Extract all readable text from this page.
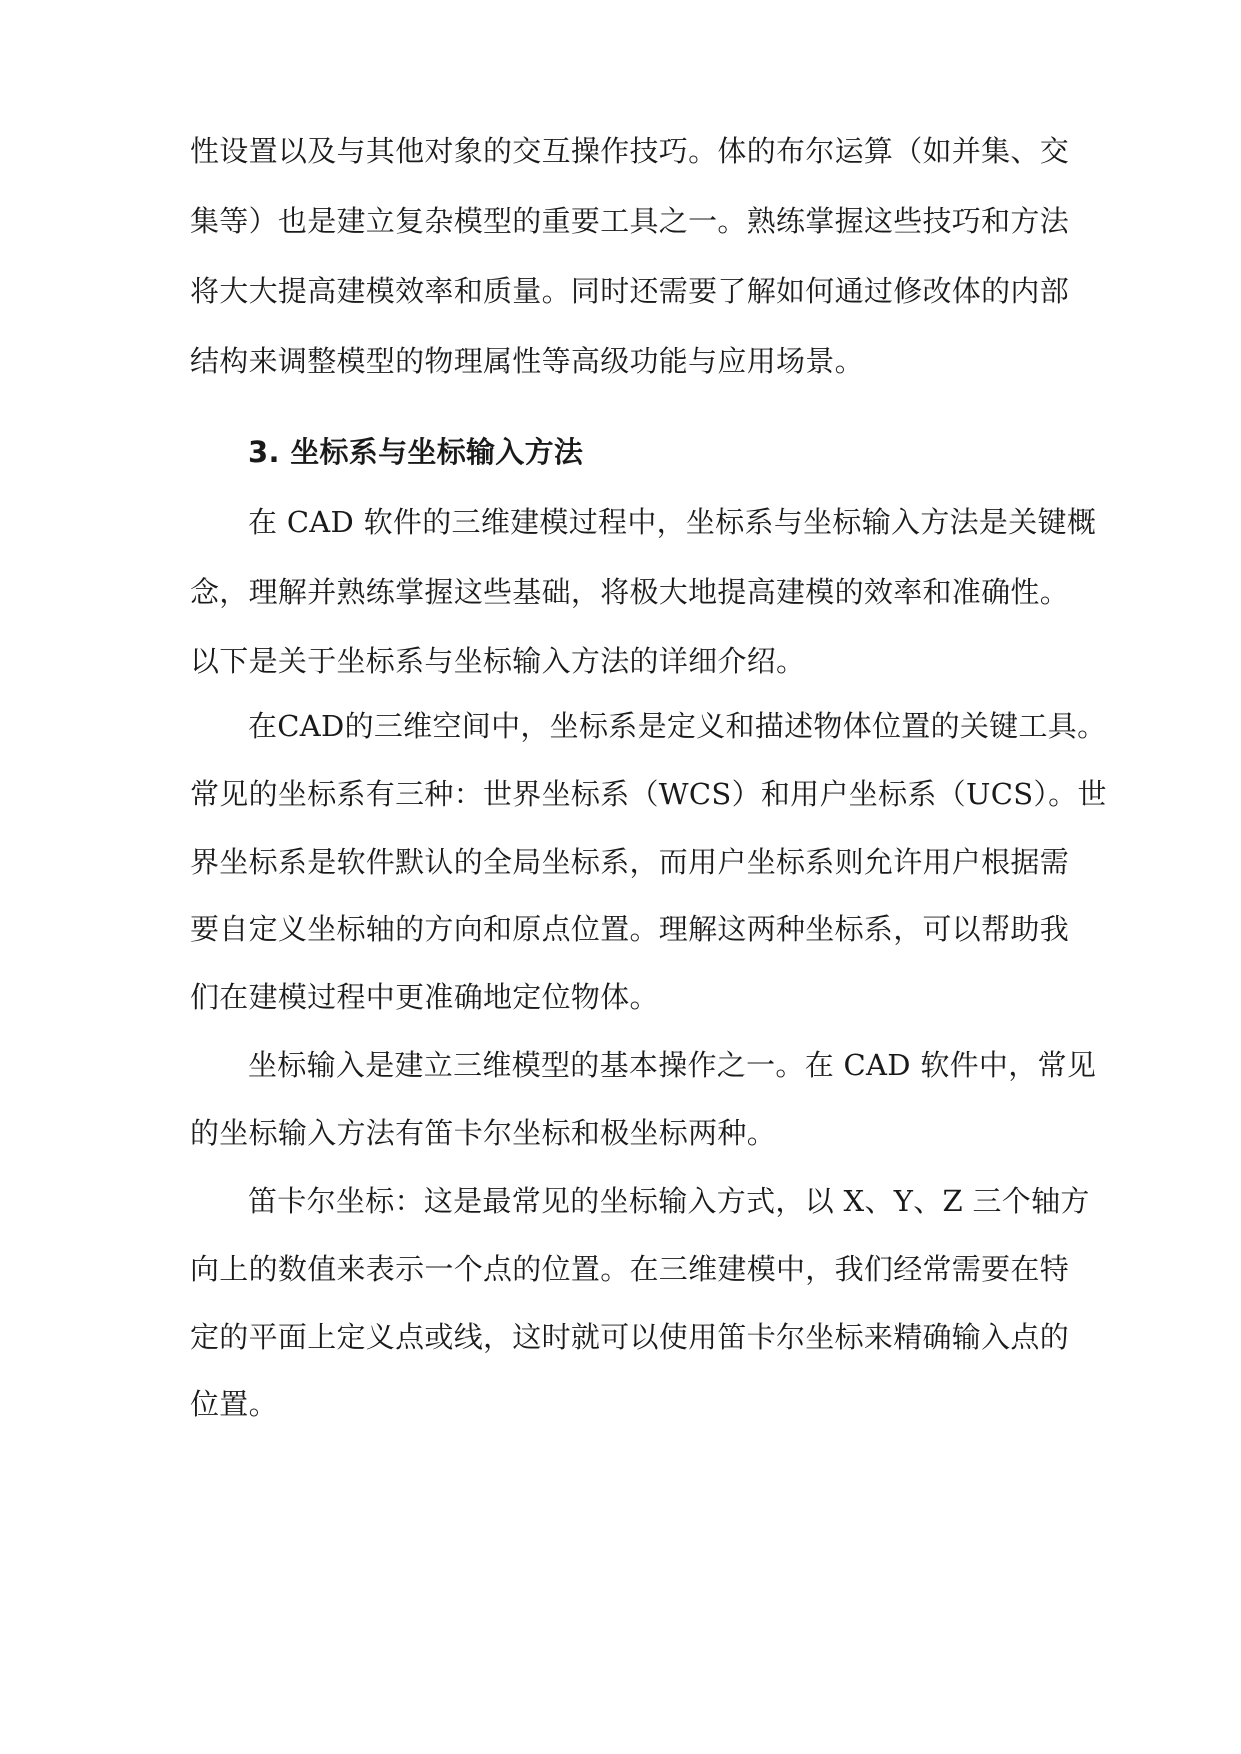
性设置以及与其他对象的交互操作技巧。体的布尔运算（如并集、交
集等）也是建立复杂模型的重要工具之一。熟练掌握这些技巧和方法
将大大提高建模效率和质量。同时还需要了解如何通过修改体的内部
结构来调整模型的物理属性等高级功能与应用场景。
3. 坐标系与坐标输入方法
在 CAD 软件的三维建模过程中，坐标系与坐标输入方法是关键概
念，理解并熟练掌握这些基础，将极大地提高建模的效率和准确性。
以下是关于坐标系与坐标输入方法的详细介绍。
在CAD的三维空间中，坐标系是定义和描述物体位置的关键工具。
常见的坐标系有三种：世界坐标系（WCS）和用户坐标系（UCS）。世
界坐标系是软件默认的全局坐标系，而用户坐标系则允许用户根据需
要自定义坐标轴的方向和原点位置。理解这两种坐标系，可以帮助我
们在建模过程中更准确地定位物体。
坐标输入是建立三维模型的基本操作之一。在 CAD 软件中，常见
的坐标输入方法有笛卡尔坐标和极坐标两种。
笛卡尔坐标：这是最常见的坐标输入方式，以 X、Y、Z 三个轴方
向上的数值来表示一个点的位置。在三维建模中，我们经常需要在特
定的平面上定义点或线，这时就可以使用笛卡尔坐标来精确输入点的
位置。
